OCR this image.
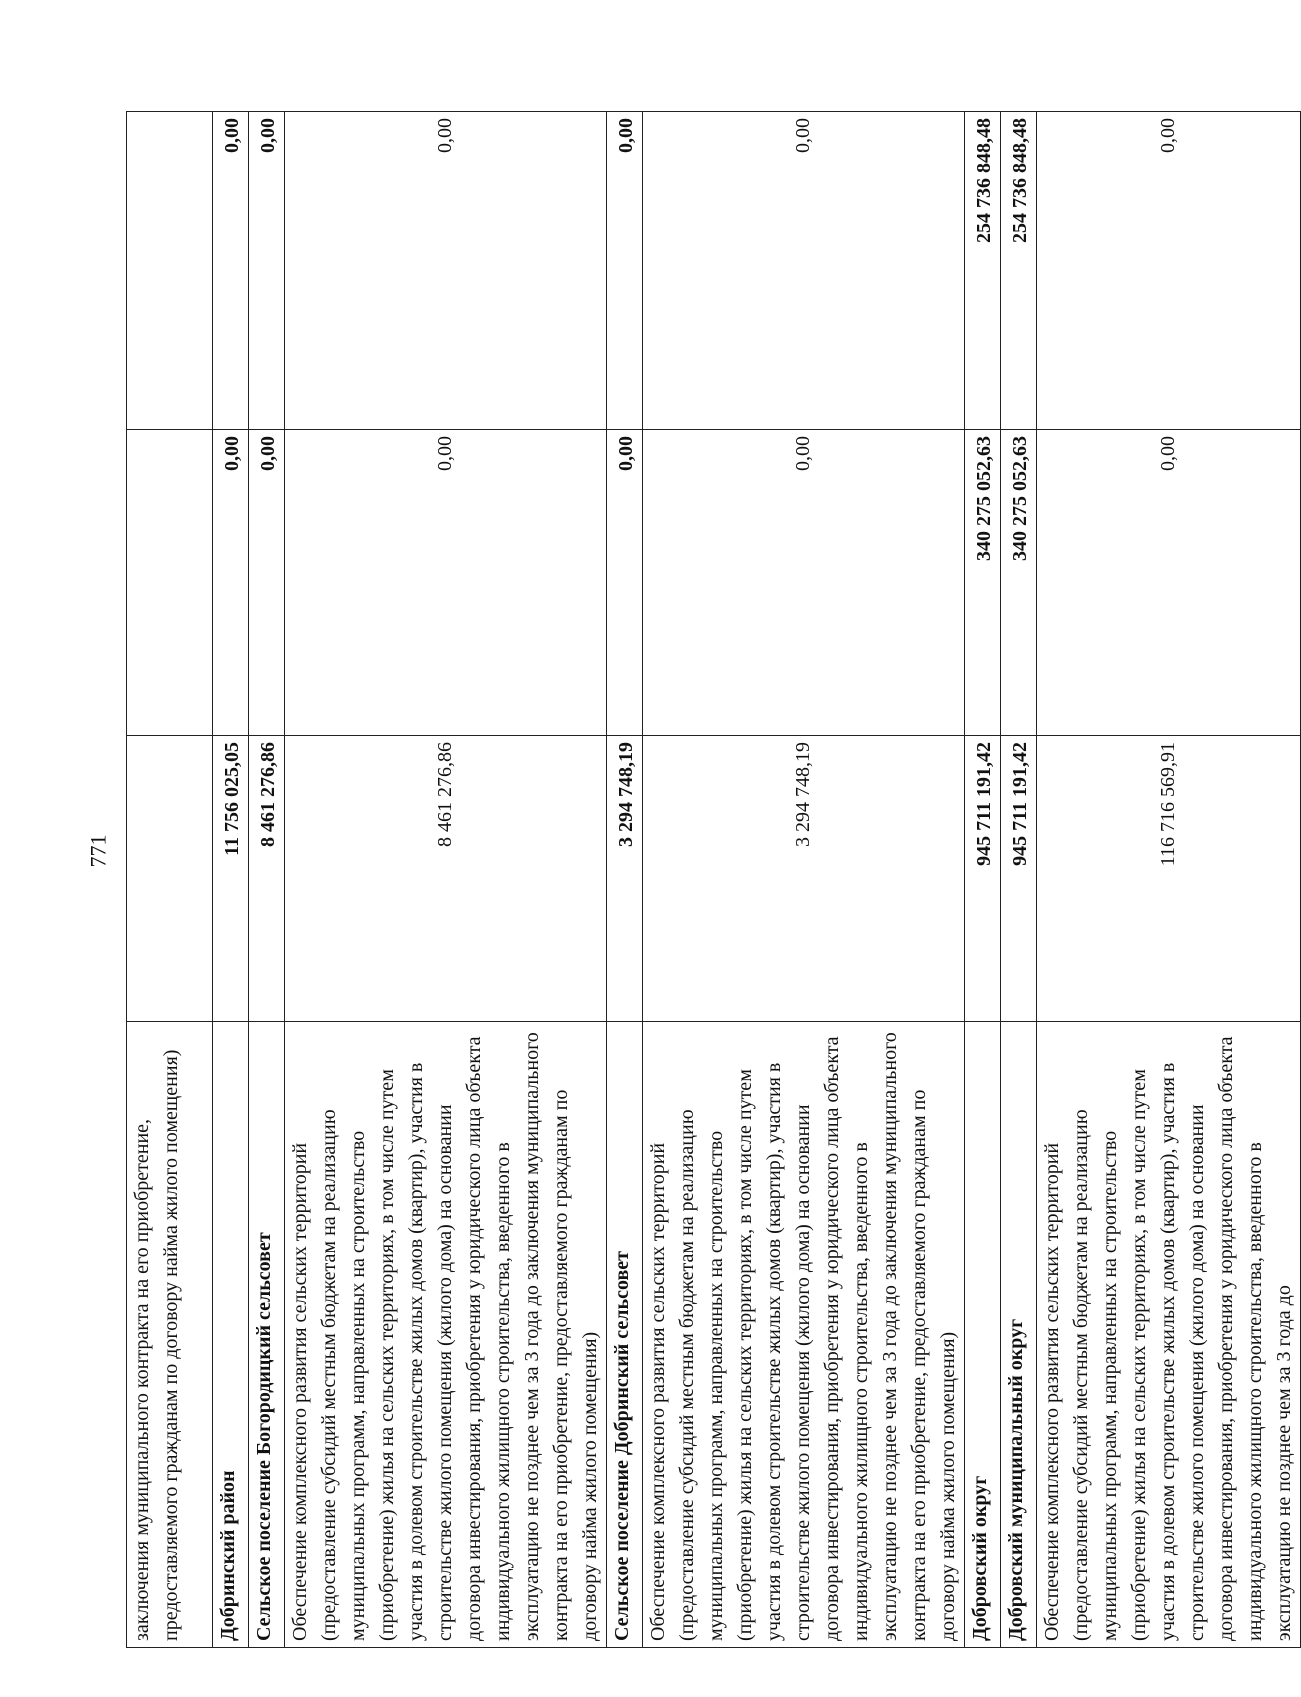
771
заключения муниципального контракта на его приобретение, предоставляемого гражданам по договору найма жилого помещения)			
Добринский район	11 756 025,05	0,00	0,00
Сельское поселение Богородицкий сельсовет	8 461 276,86	0,00	0,00
Обеспечение комплексного развития сельских территорий (предоставление субсидий местным бюджетам на реализацию муниципальных программ, направленных на строительство (приобретение) жилья на сельских территориях, в том числе путем участия в долевом строительстве жилых домов (квартир), участия в строительстве жилого помещения (жилого дома) на основании договора инвестирования, приобретения у юридического лица объекта индивидуального жилищного строительства, введенного в эксплуатацию не позднее чем за 3 года до заключения муниципального контракта на его приобретение, предоставляемого гражданам по договору найма жилого помещения)	8 461 276,86	0,00	0,00
Сельское поселение Добринский сельсовет	3 294 748,19	0,00	0,00
Обеспечение комплексного развития сельских территорий (предоставление субсидий местным бюджетам на реализацию муниципальных программ, направленных на строительство (приобретение) жилья на сельских территориях, в том числе путем участия в долевом строительстве жилых домов (квартир), участия в строительстве жилого помещения (жилого дома) на основании договора инвестирования, приобретения у юридического лица объекта индивидуального жилищного строительства, введенного в эксплуатацию не позднее чем за 3 года до заключения муниципального контракта на его приобретение, предоставляемого гражданам по договору найма жилого помещения)	3 294 748,19	0,00	0,00
Добровский округ	945 711 191,42	340 275 052,63	254 736 848,48
Добровский муниципальный округ	945 711 191,42	340 275 052,63	254 736 848,48
Обеспечение комплексного развития сельских территорий (предоставление субсидий местным бюджетам на реализацию муниципальных программ, направленных на строительство (приобретение) жилья на сельских территориях, в том числе путем участия в долевом строительстве жилых домов (квартир), участия в строительстве жилого помещения (жилого дома) на основании договора инвестирования, приобретения у юридического лица объекта индивидуального жилищного строительства, введенного в эксплуатацию не позднее чем за 3 года до	116 716 569,91	0,00	0,00
